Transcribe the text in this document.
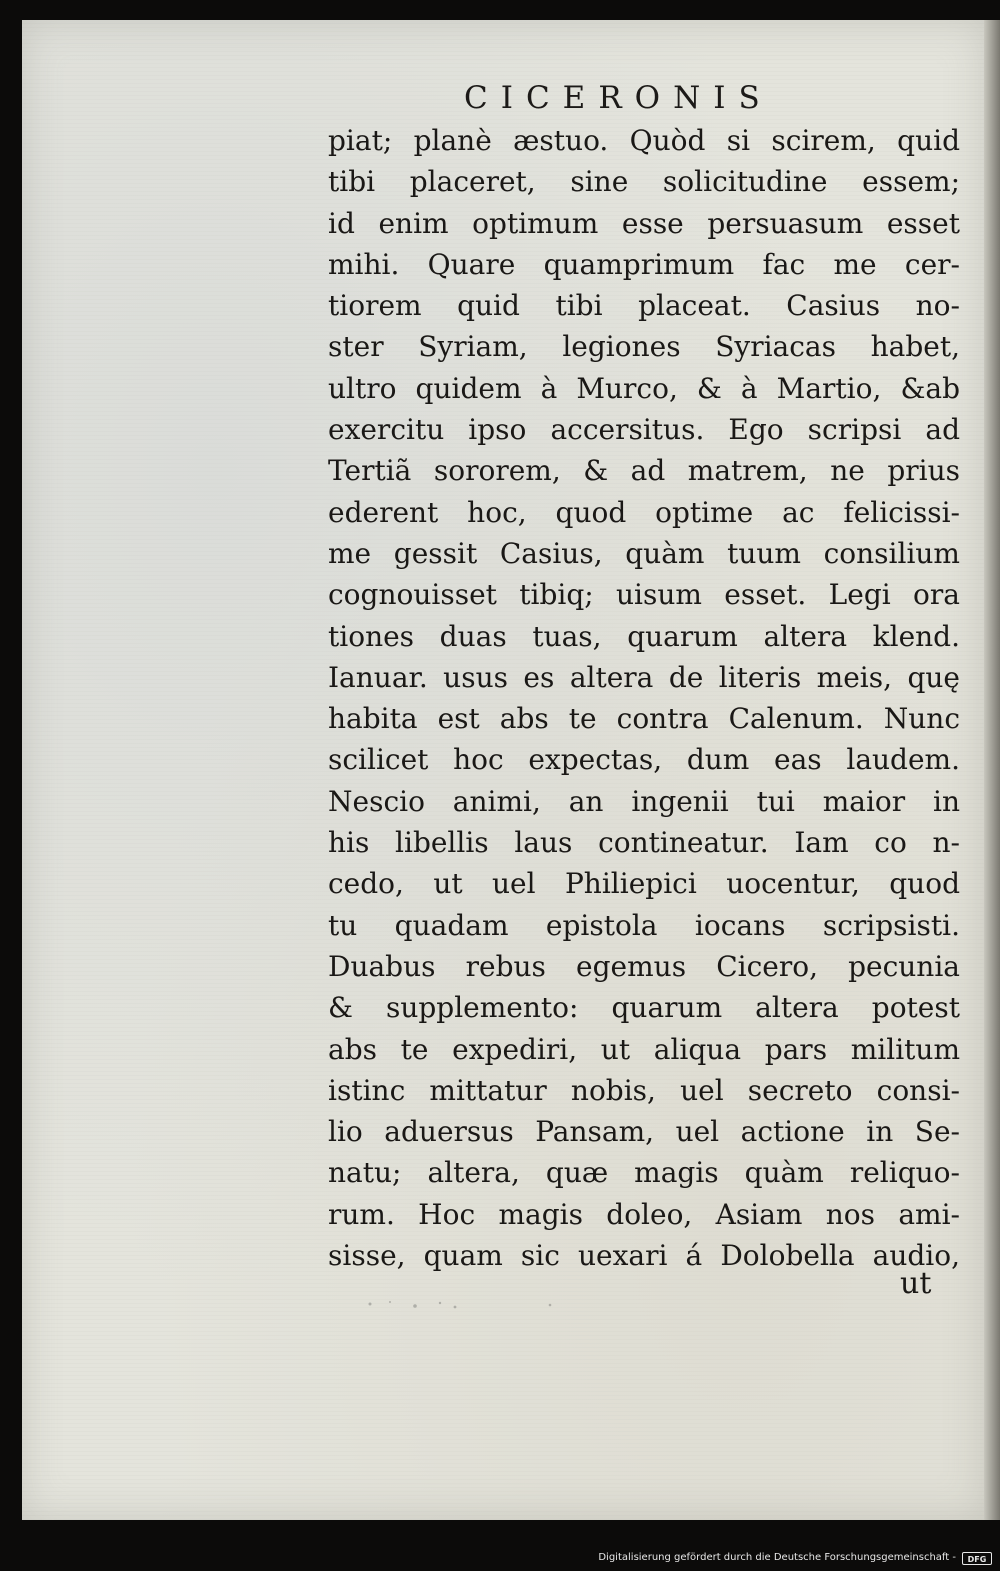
CICERONIS
piat; planè æstuo. Quòd si scirem, quid
tibi placeret, sine solicitudine essem;
id enim optimum esse persuasum esset
mihi. Quare quamprimum fac me cer-
tiorem quid tibi placeat. Casius no-
ster Syriam, legiones Syriacas habet,
ultro quidem à Murco, & à Martio, &ab
exercitu ipso accersitus. Ego scripsi ad
Tertiã sororem, & ad matrem, ne prius
ederent hoc, quod optime ac felicissi-
me gessit Casius, quàm tuum consilium
cognouisset tibiq; uisum esset. Legi ora
tiones duas tuas, quarum altera klend.
Ianuar. usus es altera de literis meis, quę
habita est abs te contra Calenum. Nunc
scilicet hoc expectas, dum eas laudem.
Nescio animi, an ingenii tui maior in
his libellis laus contineatur. Iam co n-
cedo, ut uel Philiepici uocentur, quod
tu quadam epistola iocans scripsisti.
Duabus rebus egemus Cicero, pecunia
& supplemento: quarum altera potest
abs te expediri, ut aliqua pars militum
istinc mittatur nobis, uel secreto consi-
lio aduersus Pansam, uel actione in Se-
natu; altera, quæ magis quàm reliquo-
rum. Hoc magis doleo, Asiam nos ami-
sisse, quam sic uexari á Dolobella audio,
ut
Digitalisierung gefördert durch die Deutsche Forschungsgemeinschaft -	DFG
